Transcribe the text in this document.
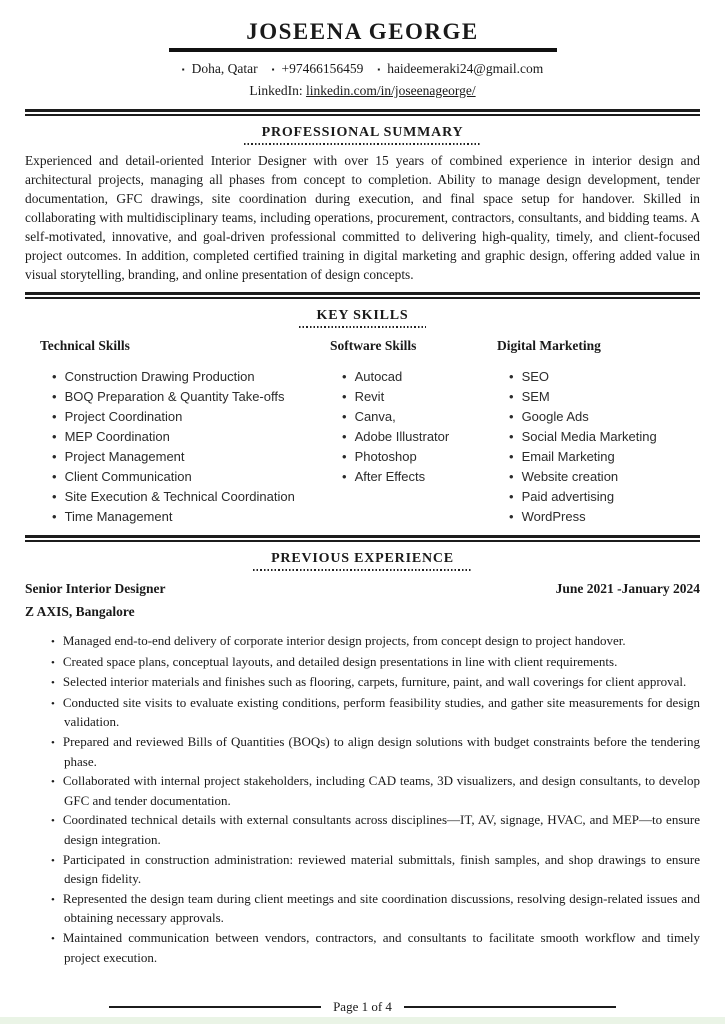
JOSEENA GEORGE
▪ Doha, Qatar ▪ +97466156459 ▪ haideemeraki24@gmail.com
LinkedIn: linkedin.com/in/joseenageorge/
PROFESSIONAL SUMMARY

Experienced and detail-oriented Interior Designer with over 15 years of combined experience in interior design and architectural projects, managing all phases from concept to completion. Ability to manage design development, tender documentation, GFC drawings, site coordination during execution, and final space setup for handover. Skilled in collaborating with multidisciplinary teams, including operations, procurement, contractors, consultants, and bidding teams. A self-motivated, innovative, and goal-driven professional committed to delivering high-quality, timely, and client-focused project outcomes. In addition, completed certified training in digital marketing and graphic design, offering added value in visual storytelling, branding, and online presentation of design concepts.

KEY SKILLS
Technical Skills
• Construction Drawing Production
• BOQ Preparation & Quantity Take-offs
• Project Coordination
• MEP Coordination
• Project Management
• Client Communication
• Site Execution & Technical Coordination
• Time Management
Software Skills
• Autocad
• Revit
• Canva,
• Adobe Illustrator
• Photoshop
• After Effects
Digital Marketing
• SEO
• SEM
• Google Ads
• Social Media Marketing
• Email Marketing
• Website creation
• Paid advertising
• WordPress
PREVIOUS EXPERIENCE
Senior Interior Designer	June 2021 -January 2024
Z AXIS, Bangalore
• Managed end-to-end delivery of corporate interior design projects, from concept design to project handover.
• Created space plans, conceptual layouts, and detailed design presentations in line with client requirements.
• Selected interior materials and finishes such as flooring, carpets, furniture, paint, and wall coverings for client approval.
• Conducted site visits to evaluate existing conditions, perform feasibility studies, and gather site measurements for design validation.
• Prepared and reviewed Bills of Quantities (BOQs) to align design solutions with budget constraints before the tendering phase.
• Collaborated with internal project stakeholders, including CAD teams, 3D visualizers, and design consultants, to develop GFC and tender documentation.
• Coordinated technical details with external consultants across disciplines—IT, AV, signage, HVAC, and MEP—to ensure design integration.
• Participated in construction administration: reviewed material submittals, finish samples, and shop drawings to ensure design fidelity.
• Represented the design team during client meetings and site coordination discussions, resolving design-related issues and obtaining necessary approvals.
• Maintained communication between vendors, contractors, and consultants to facilitate smooth workflow and timely project execution.
Page 1 of 4
